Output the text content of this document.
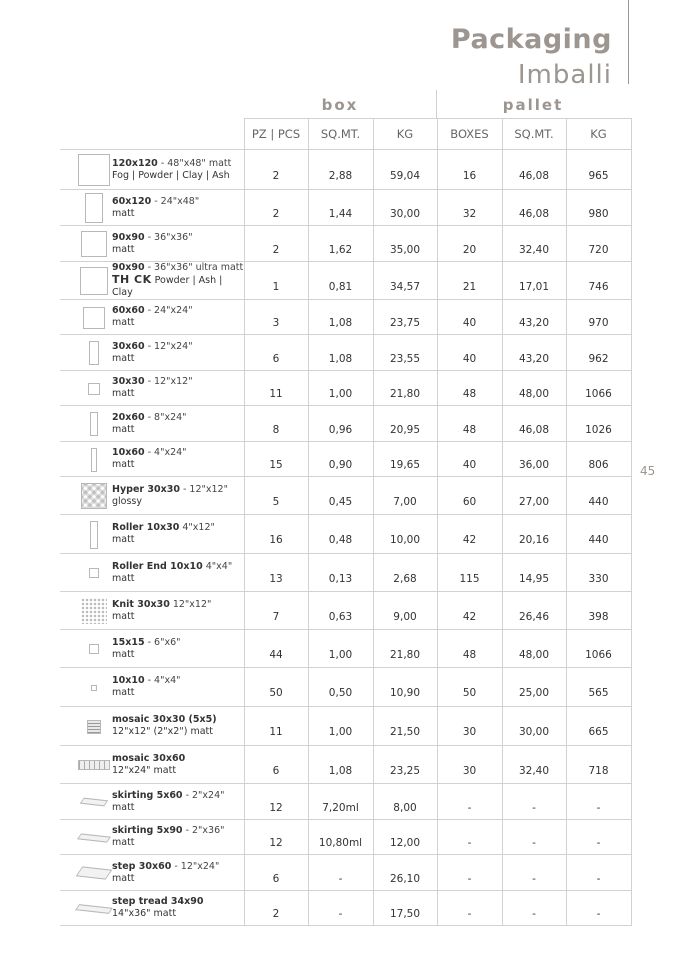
Packaging
Imballi
45
box	pallet
		PZ | PCS	SQ.MT.	KG	BOXES	SQ.MT.	KG

	120x120 - 48"x48" matt
Fog | Powder | Clay | Ash	2	2,88	59,04	16	46,08	965

	60x120 - 24"x48"
matt	2	1,44	30,00	32	46,08	980

	90x90 - 36"x36"
matt	2	1,62	35,00	20	32,40	720

	90x90 - 36"x36" ultra matt
TH CK Powder | Ash | Clay	1	0,81	34,57	21	17,01	746

	60x60 - 24"x24"
matt	3	1,08	23,75	40	43,20	970

	30x60 - 12"x24"
matt	6	1,08	23,55	40	43,20	962

	30x30 - 12"x12"
matt	11	1,00	21,80	48	48,00	1066

	20x60 - 8"x24"
matt	8	0,96	20,95	48	46,08	1026

	10x60 - 4"x24"
matt	15	0,90	19,65	40	36,00	806

	Hyper 30x30 - 12"x12"
glossy	5	0,45	7,00	60	27,00	440

	Roller 10x30 4"x12"
matt	16	0,48	10,00	42	20,16	440

	Roller End 10x10 4"x4"
matt	13	0,13	2,68	115	14,95	330

	Knit 30x30 12"x12"
matt	7	0,63	9,00	42	26,46	398

	15x15 - 6"x6"
matt	44	1,00	21,80	48	48,00	1066

	10x10 - 4"x4"
matt	50	0,50	10,90	50	25,00	565

	mosaic 30x30 (5x5)
12"x12" (2"x2") matt	11	1,00	21,50	30	30,00	665

	mosaic 30x60
12"x24" matt	6	1,08	23,25	30	32,40	718

	skirting 5x60 - 2"x24"
matt	12	7,20ml	8,00	-	-	-

	skirting 5x90 - 2"x36"
matt	12	10,80ml	12,00	-	-	-

	step 30x60 - 12"x24"
matt	6	-	26,10	-	-	-

	step tread 34x90
14"x36" matt	2	-	17,50	-	-	-
